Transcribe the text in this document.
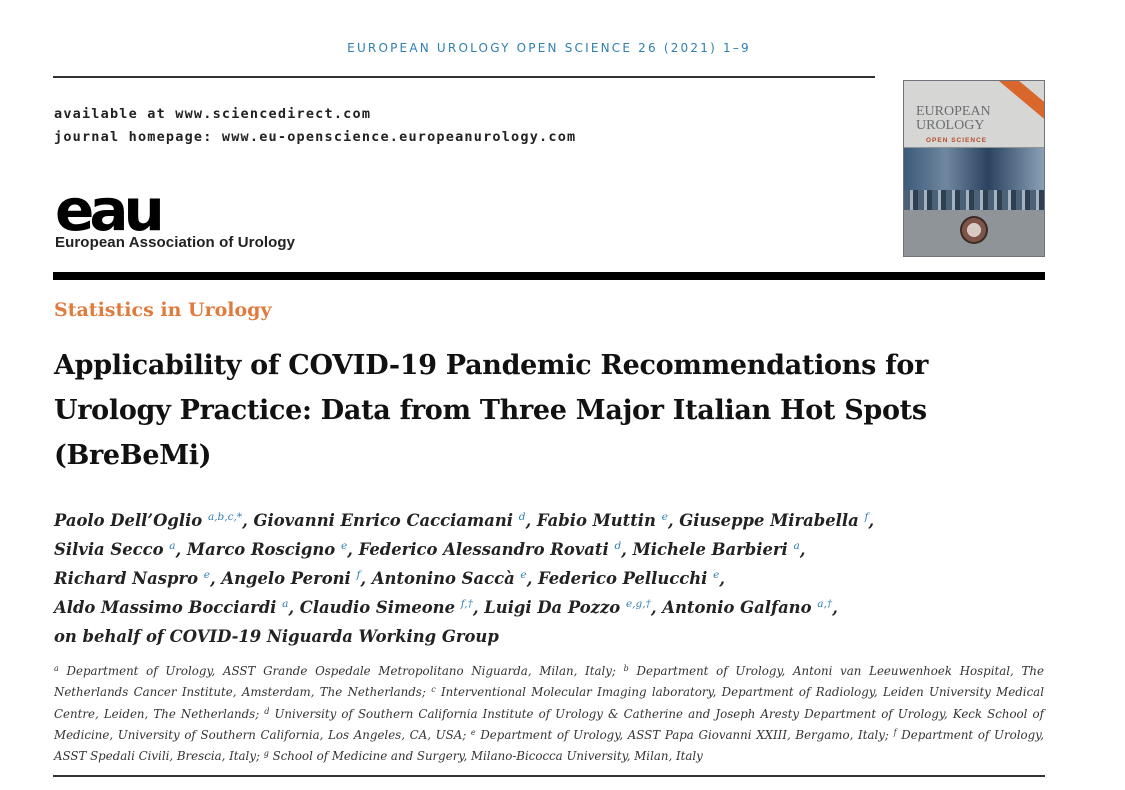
EUROPEAN UROLOGY OPEN SCIENCE 26 (2021) 1–9
available at www.sciencedirect.com
journal homepage: www.eu-openscience.europeanurology.com
eau
European Association of Urology
EUROPEAN
UROLOGY
OPEN SCIENCE
Statistics in Urology
Applicability of COVID-19 Pandemic Recommendations for Urology Practice: Data from Three Major Italian Hot Spots (BreBeMi)
Paolo Dell’Oglio $^{a,b,c,*}$, Giovanni Enrico Cacciamani $^d$, Fabio Muttin $^e$, Giuseppe Mirabella $^f$,
Silvia Secco $^a$, Marco Roscigno $^e$, Federico Alessandro Rovati $^d$, Michele Barbieri $^a$,
Richard Naspro $^e$, Angelo Peroni $^f$, Antonino Saccà $^e$, Federico Pellucchi $^e$,
Aldo Massimo Bocciardi $^a$, Claudio Simeone $^{f,\dagger}$, Luigi Da Pozzo $^{e,g,\dagger}$, Antonio Galfano $^{a,\dagger}$,
on behalf of COVID-19 Niguarda Working Group
$^a$ Department of Urology, ASST Grande Ospedale Metropolitano Niguarda, Milan, Italy; $^b$ Department of Urology, Antoni van Leeuwenhoek Hospital, The Netherlands Cancer Institute, Amsterdam, The Netherlands; $^c$ Interventional Molecular Imaging laboratory, Department of Radiology, Leiden University Medical Centre, Leiden, The Netherlands; $^d$ University of Southern California Institute of Urology & Catherine and Joseph Aresty Department of Urology, Keck School of Medicine, University of Southern California, Los Angeles, CA, USA; $^e$ Department of Urology, ASST Papa Giovanni XXIII, Bergamo, Italy; $^f$ Department of Urology, ASST Spedali Civili, Brescia, Italy; $^g$ School of Medicine and Surgery, Milano-Bicocca University, Milan, Italy
